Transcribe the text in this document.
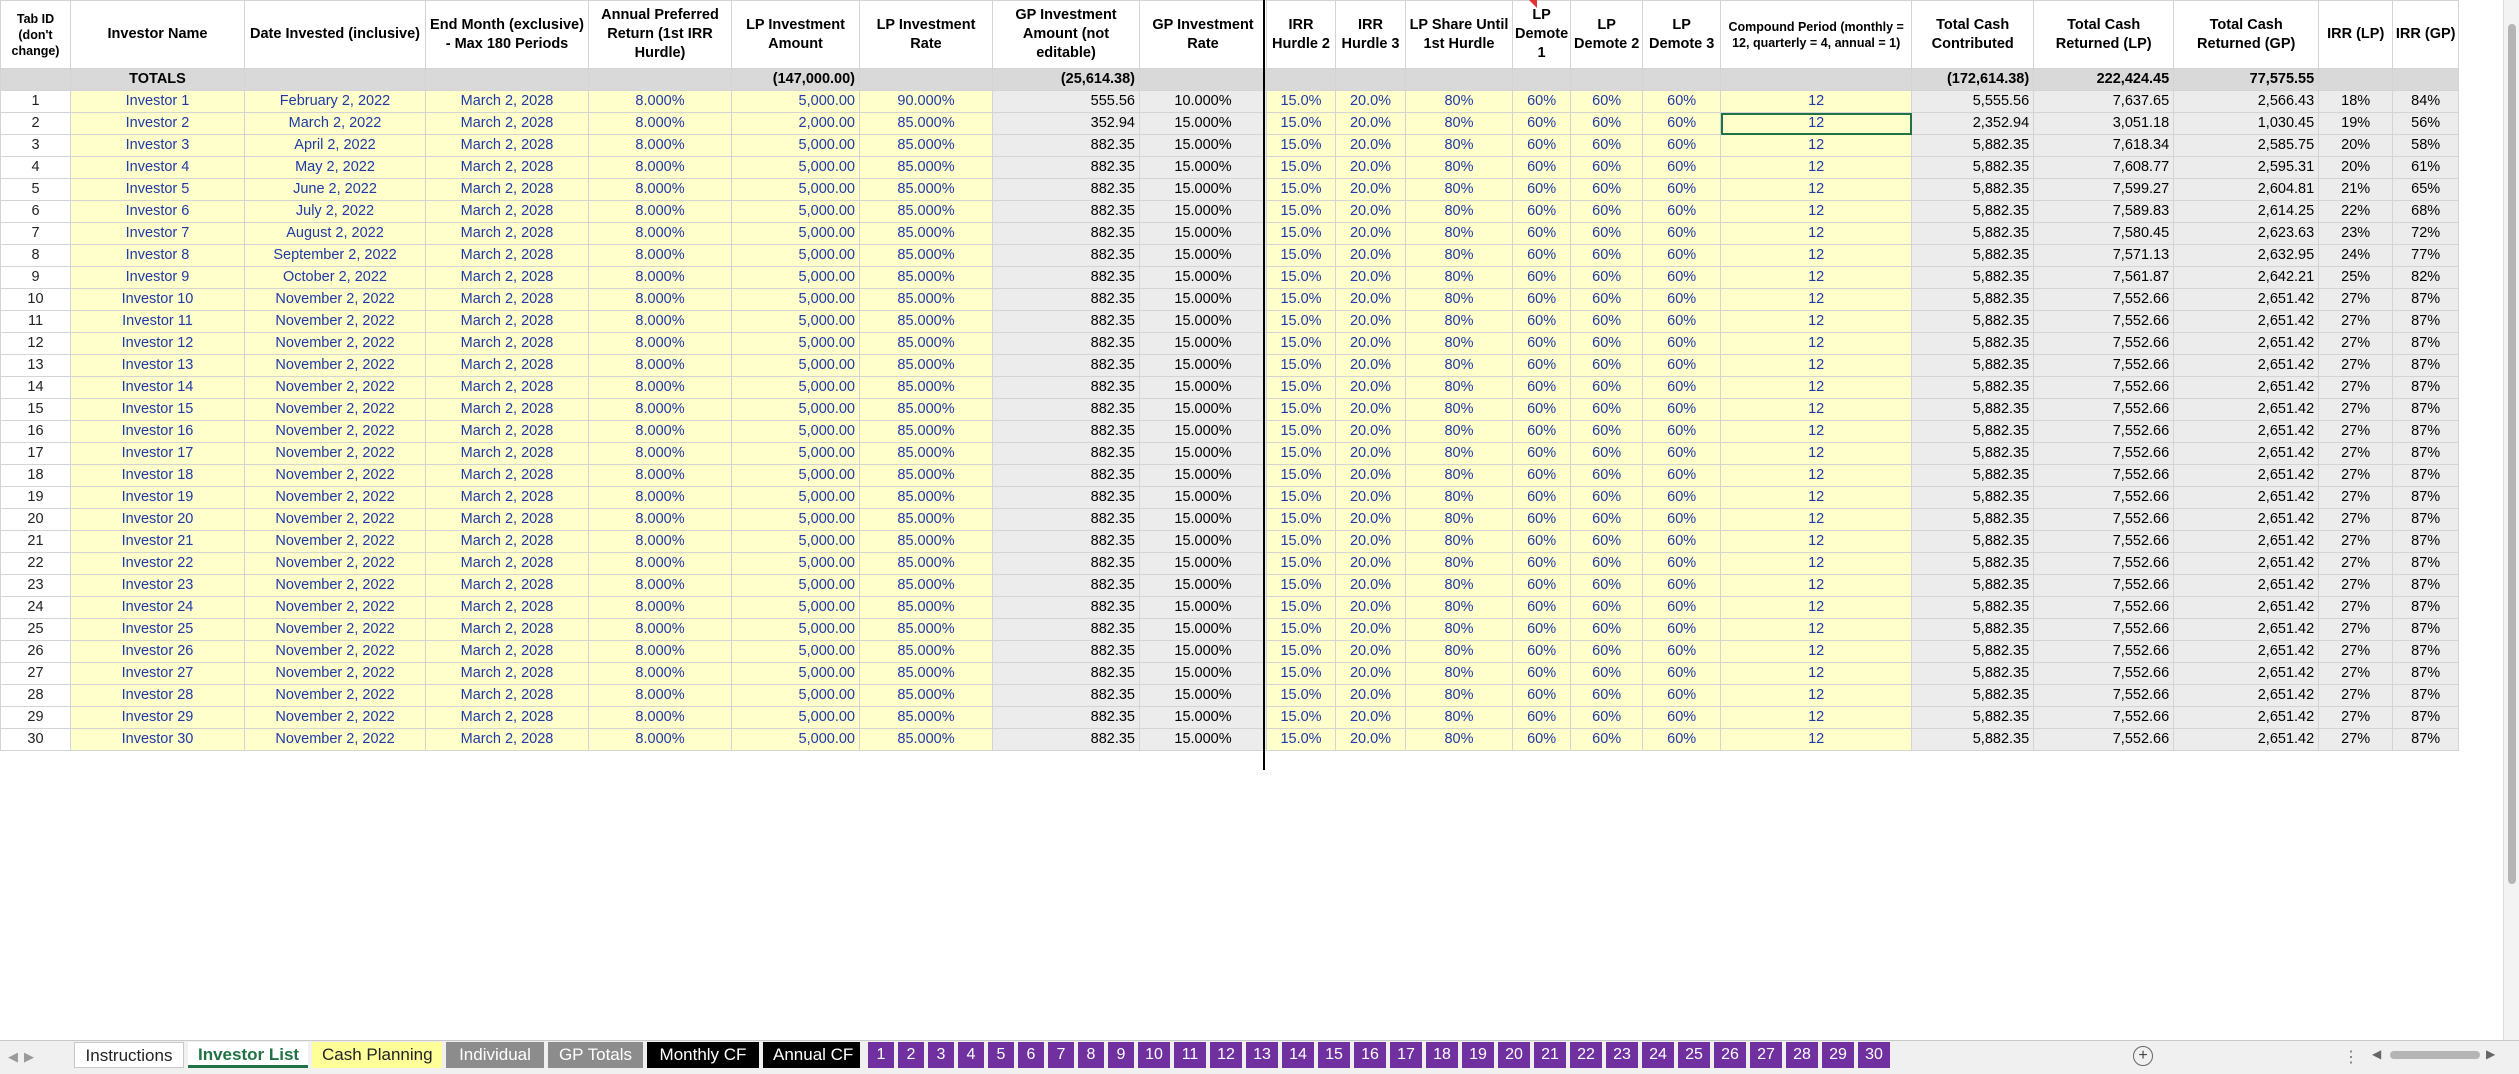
Tab ID (don't change)	Investor Name	Date Invested (inclusive)	End Month (exclusive) - Max 180 Periods	Annual Preferred Return (1st IRR Hurdle)	LP Investment Amount	LP Investment Rate	GP Investment Amount (not editable)	GP Investment Rate	IRR Hurdle 2	IRR Hurdle 3	LP Share Until 1st Hurdle	LP Demote 1	LP Demote 2	LP Demote 3	Compound Period (monthly = 12, quarterly = 4, annual = 1)	Total Cash Contributed	Total Cash Returned (LP)	Total Cash Returned (GP)	IRR (LP)	IRR (GP)
	TOTALS				(147,000.00)		(25,614.38)									(172,614.38)	222,424.45	77,575.55		
1	Investor 1	February 2, 2022	March 2, 2028	8.000%	5,000.00	90.000%	555.56	10.000%	15.0%	20.0%	80%	60%	60%	60%	12	5,555.56	7,637.65	2,566.43	18%	84%
2	Investor 2	March 2, 2022	March 2, 2028	8.000%	2,000.00	85.000%	352.94	15.000%	15.0%	20.0%	80%	60%	60%	60%	12	2,352.94	3,051.18	1,030.45	19%	56%
3	Investor 3	April 2, 2022	March 2, 2028	8.000%	5,000.00	85.000%	882.35	15.000%	15.0%	20.0%	80%	60%	60%	60%	12	5,882.35	7,618.34	2,585.75	20%	58%
4	Investor 4	May 2, 2022	March 2, 2028	8.000%	5,000.00	85.000%	882.35	15.000%	15.0%	20.0%	80%	60%	60%	60%	12	5,882.35	7,608.77	2,595.31	20%	61%
5	Investor 5	June 2, 2022	March 2, 2028	8.000%	5,000.00	85.000%	882.35	15.000%	15.0%	20.0%	80%	60%	60%	60%	12	5,882.35	7,599.27	2,604.81	21%	65%
6	Investor 6	July 2, 2022	March 2, 2028	8.000%	5,000.00	85.000%	882.35	15.000%	15.0%	20.0%	80%	60%	60%	60%	12	5,882.35	7,589.83	2,614.25	22%	68%
7	Investor 7	August 2, 2022	March 2, 2028	8.000%	5,000.00	85.000%	882.35	15.000%	15.0%	20.0%	80%	60%	60%	60%	12	5,882.35	7,580.45	2,623.63	23%	72%
8	Investor 8	September 2, 2022	March 2, 2028	8.000%	5,000.00	85.000%	882.35	15.000%	15.0%	20.0%	80%	60%	60%	60%	12	5,882.35	7,571.13	2,632.95	24%	77%
9	Investor 9	October 2, 2022	March 2, 2028	8.000%	5,000.00	85.000%	882.35	15.000%	15.0%	20.0%	80%	60%	60%	60%	12	5,882.35	7,561.87	2,642.21	25%	82%
10	Investor 10	November 2, 2022	March 2, 2028	8.000%	5,000.00	85.000%	882.35	15.000%	15.0%	20.0%	80%	60%	60%	60%	12	5,882.35	7,552.66	2,651.42	27%	87%
11	Investor 11	November 2, 2022	March 2, 2028	8.000%	5,000.00	85.000%	882.35	15.000%	15.0%	20.0%	80%	60%	60%	60%	12	5,882.35	7,552.66	2,651.42	27%	87%
12	Investor 12	November 2, 2022	March 2, 2028	8.000%	5,000.00	85.000%	882.35	15.000%	15.0%	20.0%	80%	60%	60%	60%	12	5,882.35	7,552.66	2,651.42	27%	87%
13	Investor 13	November 2, 2022	March 2, 2028	8.000%	5,000.00	85.000%	882.35	15.000%	15.0%	20.0%	80%	60%	60%	60%	12	5,882.35	7,552.66	2,651.42	27%	87%
14	Investor 14	November 2, 2022	March 2, 2028	8.000%	5,000.00	85.000%	882.35	15.000%	15.0%	20.0%	80%	60%	60%	60%	12	5,882.35	7,552.66	2,651.42	27%	87%
15	Investor 15	November 2, 2022	March 2, 2028	8.000%	5,000.00	85.000%	882.35	15.000%	15.0%	20.0%	80%	60%	60%	60%	12	5,882.35	7,552.66	2,651.42	27%	87%
16	Investor 16	November 2, 2022	March 2, 2028	8.000%	5,000.00	85.000%	882.35	15.000%	15.0%	20.0%	80%	60%	60%	60%	12	5,882.35	7,552.66	2,651.42	27%	87%
17	Investor 17	November 2, 2022	March 2, 2028	8.000%	5,000.00	85.000%	882.35	15.000%	15.0%	20.0%	80%	60%	60%	60%	12	5,882.35	7,552.66	2,651.42	27%	87%
18	Investor 18	November 2, 2022	March 2, 2028	8.000%	5,000.00	85.000%	882.35	15.000%	15.0%	20.0%	80%	60%	60%	60%	12	5,882.35	7,552.66	2,651.42	27%	87%
19	Investor 19	November 2, 2022	March 2, 2028	8.000%	5,000.00	85.000%	882.35	15.000%	15.0%	20.0%	80%	60%	60%	60%	12	5,882.35	7,552.66	2,651.42	27%	87%
20	Investor 20	November 2, 2022	March 2, 2028	8.000%	5,000.00	85.000%	882.35	15.000%	15.0%	20.0%	80%	60%	60%	60%	12	5,882.35	7,552.66	2,651.42	27%	87%
21	Investor 21	November 2, 2022	March 2, 2028	8.000%	5,000.00	85.000%	882.35	15.000%	15.0%	20.0%	80%	60%	60%	60%	12	5,882.35	7,552.66	2,651.42	27%	87%
22	Investor 22	November 2, 2022	March 2, 2028	8.000%	5,000.00	85.000%	882.35	15.000%	15.0%	20.0%	80%	60%	60%	60%	12	5,882.35	7,552.66	2,651.42	27%	87%
23	Investor 23	November 2, 2022	March 2, 2028	8.000%	5,000.00	85.000%	882.35	15.000%	15.0%	20.0%	80%	60%	60%	60%	12	5,882.35	7,552.66	2,651.42	27%	87%
24	Investor 24	November 2, 2022	March 2, 2028	8.000%	5,000.00	85.000%	882.35	15.000%	15.0%	20.0%	80%	60%	60%	60%	12	5,882.35	7,552.66	2,651.42	27%	87%
25	Investor 25	November 2, 2022	March 2, 2028	8.000%	5,000.00	85.000%	882.35	15.000%	15.0%	20.0%	80%	60%	60%	60%	12	5,882.35	7,552.66	2,651.42	27%	87%
26	Investor 26	November 2, 2022	March 2, 2028	8.000%	5,000.00	85.000%	882.35	15.000%	15.0%	20.0%	80%	60%	60%	60%	12	5,882.35	7,552.66	2,651.42	27%	87%
27	Investor 27	November 2, 2022	March 2, 2028	8.000%	5,000.00	85.000%	882.35	15.000%	15.0%	20.0%	80%	60%	60%	60%	12	5,882.35	7,552.66	2,651.42	27%	87%
28	Investor 28	November 2, 2022	March 2, 2028	8.000%	5,000.00	85.000%	882.35	15.000%	15.0%	20.0%	80%	60%	60%	60%	12	5,882.35	7,552.66	2,651.42	27%	87%
29	Investor 29	November 2, 2022	March 2, 2028	8.000%	5,000.00	85.000%	882.35	15.000%	15.0%	20.0%	80%	60%	60%	60%	12	5,882.35	7,552.66	2,651.42	27%	87%
30	Investor 30	November 2, 2022	March 2, 2028	8.000%	5,000.00	85.000%	882.35	15.000%	15.0%	20.0%	80%	60%	60%	60%	12	5,882.35	7,552.66	2,651.42	27%	87%
◀ ▶	Instructions	Investor List	Cash Planning	Individual	GP Totals	Monthly CF	Annual CF	1	2	3	4	5	6	7	8	9	10	11	12	13	14	15	16	17	18	19	20	21	22	23	24	25	26	27	28	29	30	+	⋮ ◀	▶
